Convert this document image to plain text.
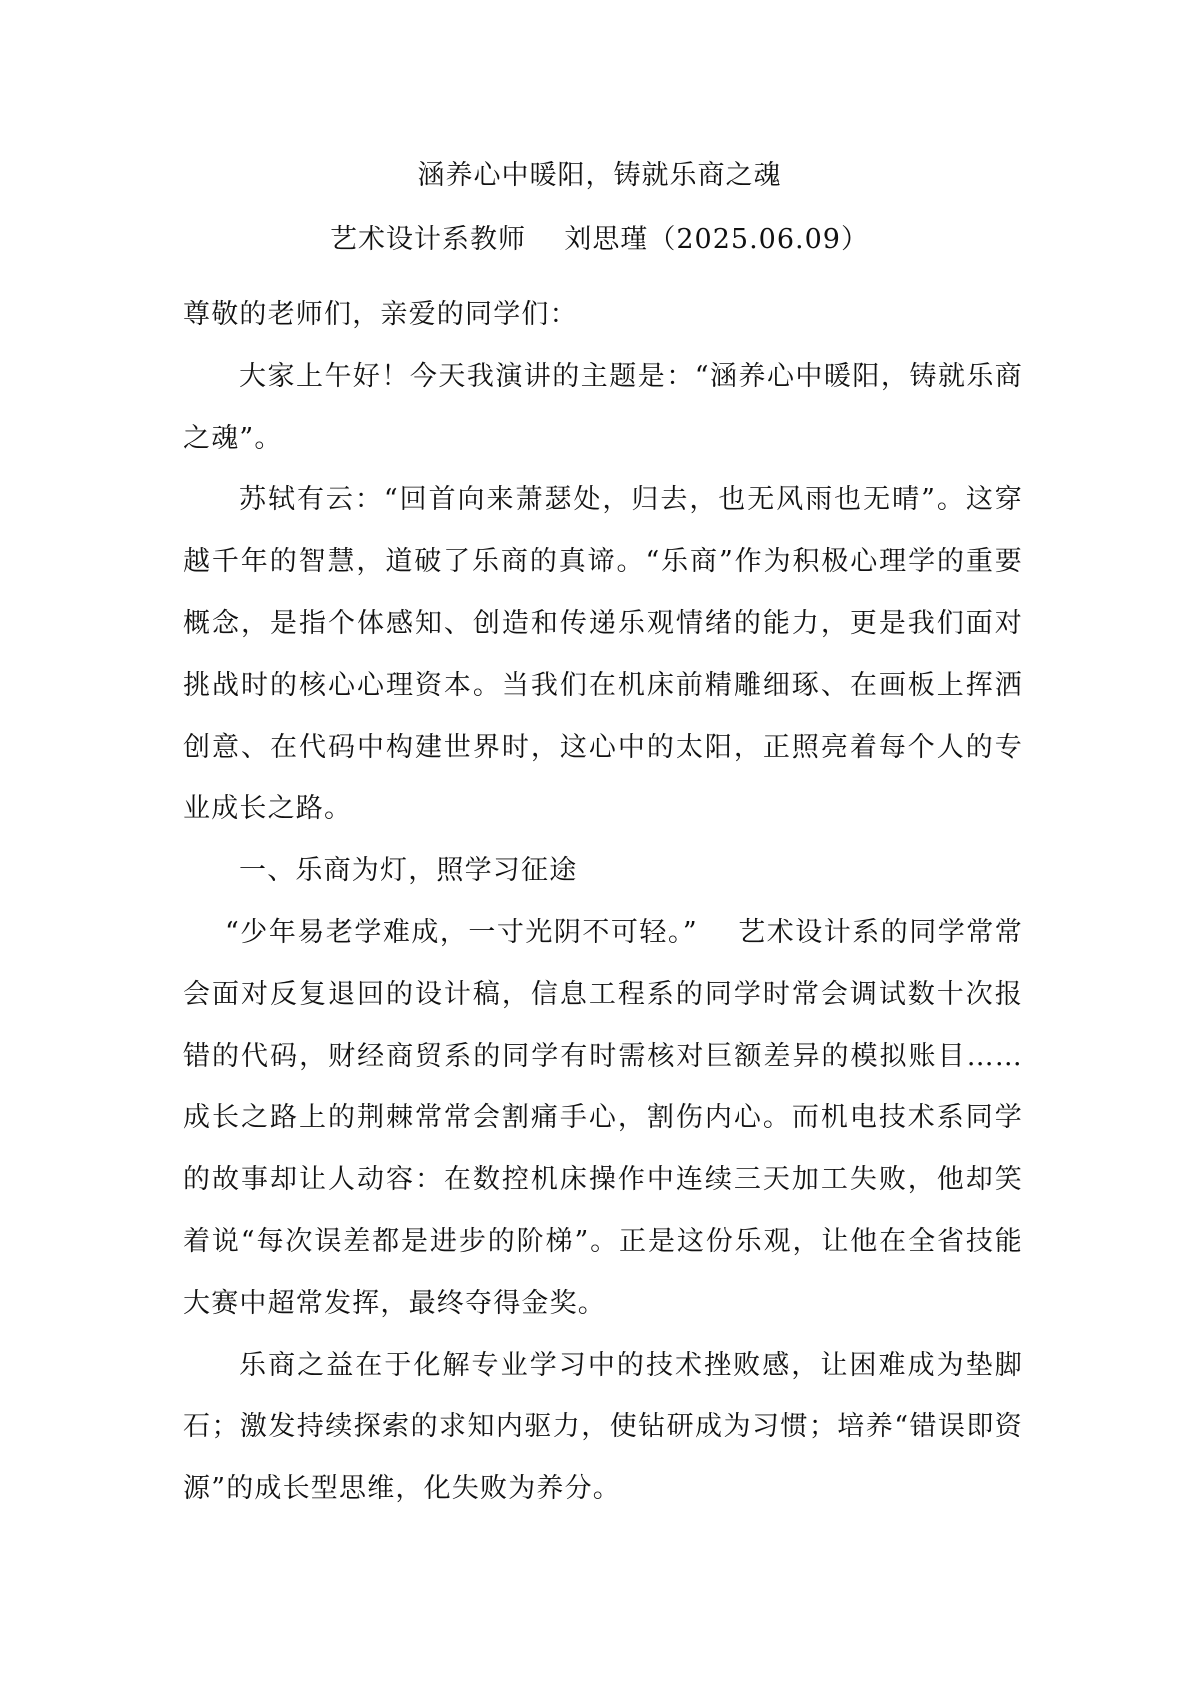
涵养心中暖阳，铸就乐商之魂
艺术设计系教师    刘思瑾（2025.06.09）

尊敬的老师们，亲爱的同学们：

大家上午好！今天我演讲的主题是：“涵养心中暖阳，铸就乐商之魂”。

苏轼有云：“回首向来萧瑟处，归去，也无风雨也无晴”。这穿越千年的智慧，道破了乐商的真谛。“乐商”作为积极心理学的重要概念，是指个体感知、创造和传递乐观情绪的能力，更是我们面对挑战时的核心心理资本。当我们在机床前精雕细琢、在画板上挥洒创意、在代码中构建世界时，这心中的太阳，正照亮着每个人的专业成长之路。

一、乐商为灯，照学习征途

“少年易老学难成，一寸光阴不可轻。”    艺术设计系的同学常常会面对反复退回的设计稿，信息工程系的同学时常会调试数十次报错的代码，财经商贸系的同学有时需核对巨额差异的模拟账目……成长之路上的荆棘常常会割痛手心，割伤内心。而机电技术系同学的故事却让人动容：在数控机床操作中连续三天加工失败，他却笑着说“每次误差都是进步的阶梯”。正是这份乐观，让他在全省技能大赛中超常发挥，最终夺得金奖。

乐商之益在于化解专业学习中的技术挫败感，让困难成为垫脚石；激发持续探索的求知内驱力，使钻研成为习惯；培养“错误即资源”的成长型思维，化失败为养分。
